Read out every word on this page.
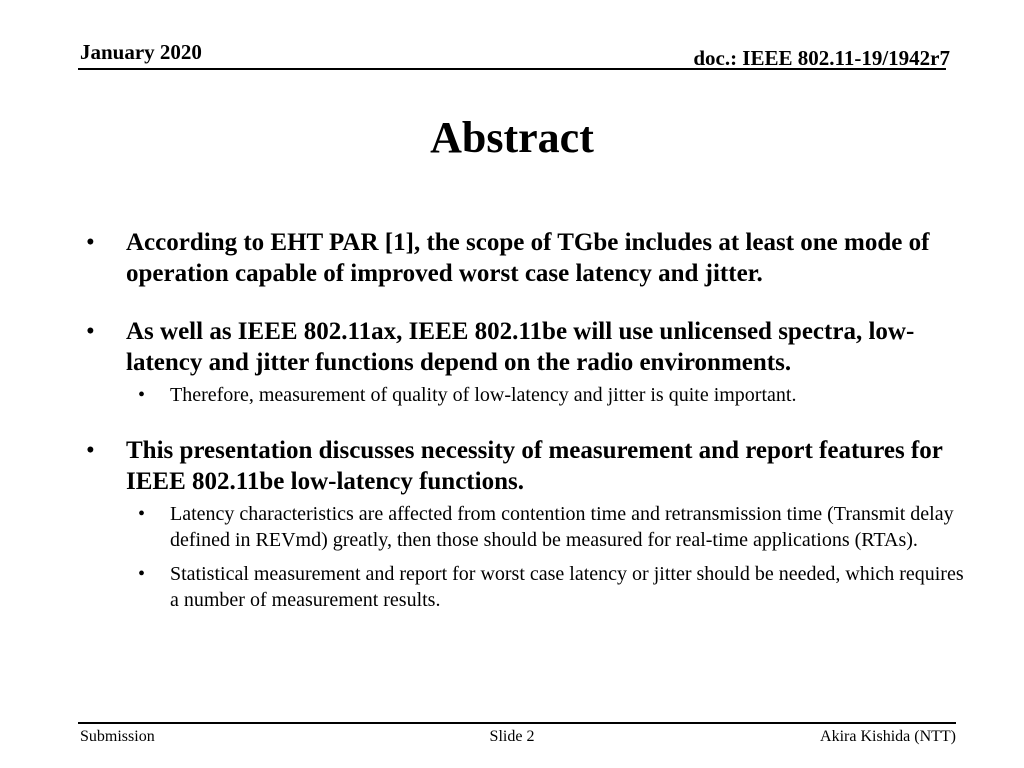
January 2020	doc.: IEEE 802.11-19/1942r7
Abstract

• According to EHT PAR [1], the scope of TGbe includes at least one mode of operation capable of improved worst case latency and jitter.

• As well as IEEE 802.11ax, IEEE 802.11be will use unlicensed spectra, low-latency and jitter functions depend on the radio environments.

• Therefore, measurement of quality of low-latency and jitter is quite important.

• This presentation discusses necessity of measurement and report features for IEEE 802.11be low-latency functions.

• Latency characteristics are affected from contention time and retransmission time (Transmit delay defined in REVmd) greatly, then those should be measured for real-time applications (RTAs).

• Statistical measurement and report for worst case latency or jitter should be needed, which requires a number of measurement results.

Submission	Slide 2	Akira Kishida (NTT)
